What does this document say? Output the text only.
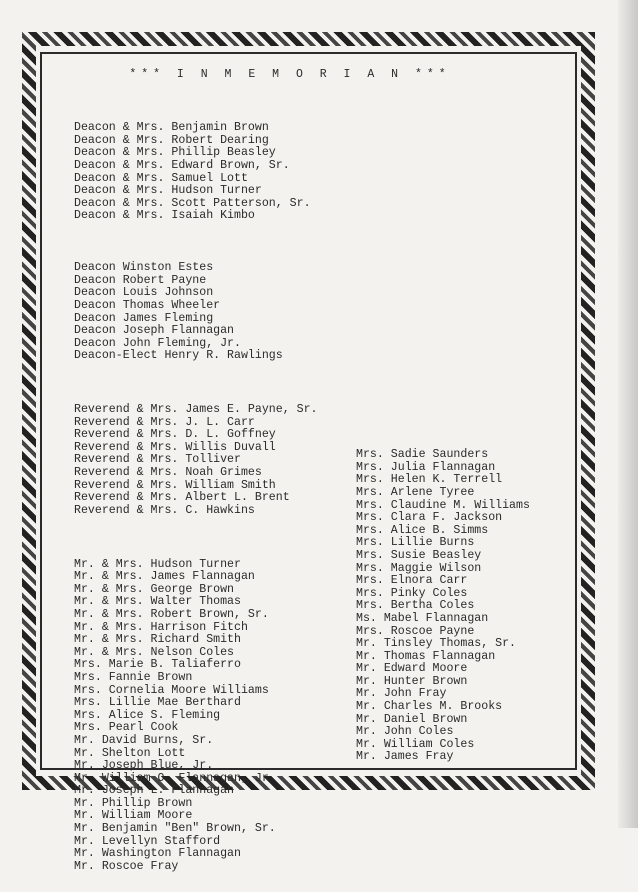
*** I N M E M O R I A N ***

Deacon & Mrs. Benjamin Brown
Deacon & Mrs. Robert Dearing
Deacon & Mrs. Phillip Beasley
Deacon & Mrs. Edward Brown, Sr.
Deacon & Mrs. Samuel Lott
Deacon & Mrs. Hudson Turner
Deacon & Mrs. Scott Patterson, Sr.
Deacon & Mrs. Isaiah Kimbo

Deacon Winston Estes
Deacon Robert Payne
Deacon Louis Johnson
Deacon Thomas Wheeler
Deacon James Fleming
Deacon Joseph Flannagan
Deacon John Fleming, Jr.
Deacon-Elect Henry R. Rawlings

Reverend & Mrs. James E. Payne, Sr.
Reverend & Mrs. J. L. Carr
Reverend & Mrs. D. L. Goffney
Reverend & Mrs. Willis Duvall
Reverend & Mrs. Tolliver
Reverend & Mrs. Noah Grimes
Reverend & Mrs. William Smith
Reverend & Mrs. Albert L. Brent
Reverend & Mrs. C. Hawkins

Mr. & Mrs. Hudson Turner
Mr. & Mrs. James Flannagan
Mr. & Mrs. George Brown
Mr. & Mrs. Walter Thomas
Mr. & Mrs. Robert Brown, Sr.
Mr. & Mrs. Harrison Fitch
Mr. & Mrs. Richard Smith
Mr. & Mrs. Nelson Coles
Mrs. Marie B. Taliaferro
Mrs. Fannie Brown
Mrs. Cornelia Moore Williams
Mrs. Lillie Mae Berthard
Mrs. Alice S. Fleming
Mrs. Pearl Cook
Mr. David Burns, Sr.
Mr. Shelton Lott
Mr. Joseph Blue, Jr.
Mr. William O. Flannagan, Jr.
Mr. Joseph L. Flannagan
Mr. Phillip Brown
Mr. William Moore
Mr. Benjamin "Ben" Brown, Sr.
Mr. Levellyn Stafford
Mr. Washington Flannagan
Mr. Roscoe Fray

Mrs. Sadie Saunders
Mrs. Julia Flannagan
Mrs. Helen K. Terrell
Mrs. Arlene Tyree
Mrs. Claudine M. Williams
Mrs. Clara F. Jackson
Mrs. Alice B. Simms
Mrs. Lillie Burns
Mrs. Susie Beasley
Mrs. Maggie Wilson
Mrs. Elnora Carr
Mrs. Pinky Coles
Mrs. Bertha Coles
Ms. Mabel Flannagan
Mrs. Roscoe Payne
Mr. Tinsley Thomas, Sr.
Mr. Thomas Flannagan
Mr. Edward Moore
Mr. Hunter Brown
Mr. John Fray
Mr. Charles M. Brooks
Mr. Daniel Brown
Mr. John Coles
Mr. William Coles
Mr. James Fray
